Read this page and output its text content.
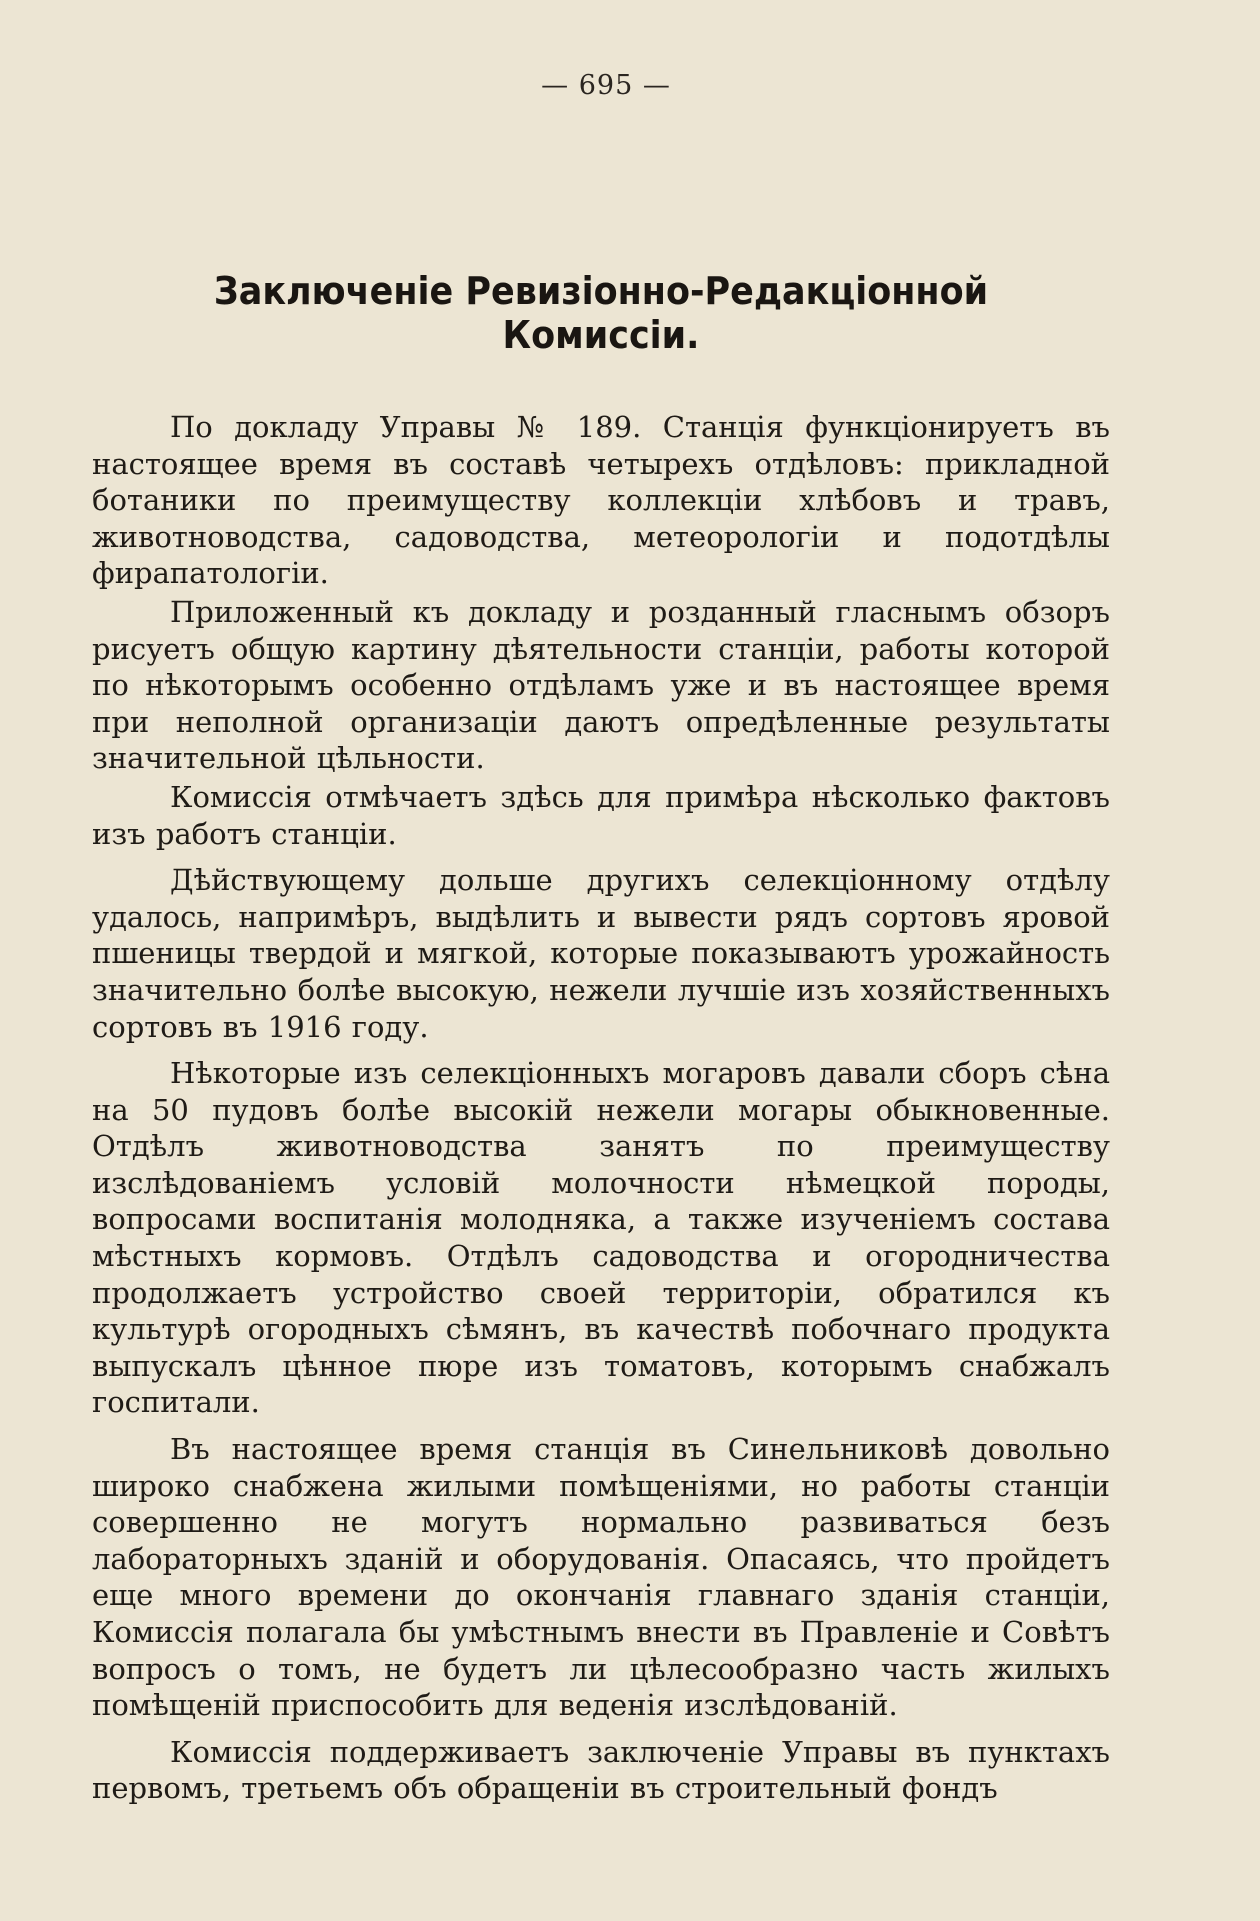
— 695 —
Заключеніе Ревизіонно-Редакціонной Комиссіи.

По докладу Управы № 189. Станція функціонируетъ въ настоящее время въ составѣ четырехъ отдѣловъ: прикладной ботаники по преимуществу коллекціи хлѣбовъ и травъ, животноводства, садоводства, метеорологіи и подотдѣлы фирапатологіи.

Приложенный къ докладу и розданный гласнымъ обзоръ рисуетъ общую картину дѣятельности станціи, работы которой по нѣкоторымъ особенно отдѣламъ уже и въ настоящее время при неполной организаціи даютъ опредѣленные результаты значительной цѣльности.

Комиссія отмѣчаетъ здѣсь для примѣра нѣсколько фактовъ изъ работъ станціи.

Дѣйствующему дольше другихъ селекціонному отдѣлу удалось, напримѣръ, выдѣлить и вывести рядъ сортовъ яровой пшеницы твердой и мягкой, которые показываютъ урожайность значительно болѣе высокую, нежели лучшіе изъ хозяйственныхъ сортовъ въ 1916 году.

Нѣкоторые изъ селекціонныхъ могаровъ давали сборъ сѣна на 50 пудовъ болѣе высокій нежели могары обыкновенные. Отдѣлъ животноводства занятъ по преимуществу изслѣдованіемъ условій молочности нѣмецкой породы, вопросами воспитанія молодняка, а также изученіемъ состава мѣстныхъ кормовъ. Отдѣлъ садоводства и огородничества продолжаетъ устройство своей территоріи, обратился къ культурѣ огородныхъ сѣмянъ, въ качествѣ побочнаго продукта выпускалъ цѣнное пюре изъ томатовъ, которымъ снабжалъ госпитали.

Въ настоящее время станція въ Синельниковѣ довольно широко снабжена жилыми помѣщеніями, но работы станціи совершенно не могутъ нормально развиваться безъ лабораторныхъ зданій и оборудованія. Опасаясь, что пройдетъ еще много времени до окончанія главнаго зданія станціи, Комиссія полагала бы умѣстнымъ внести въ Правленіе и Совѣтъ вопросъ о томъ, не будетъ ли цѣлесообразно часть жилыхъ помѣщеній приспособить для веденія изслѣдованій.

Комиссія поддерживаетъ заключеніе Управы въ пунктахъ первомъ, третьемъ объ обращеніи въ строительный фондъ
